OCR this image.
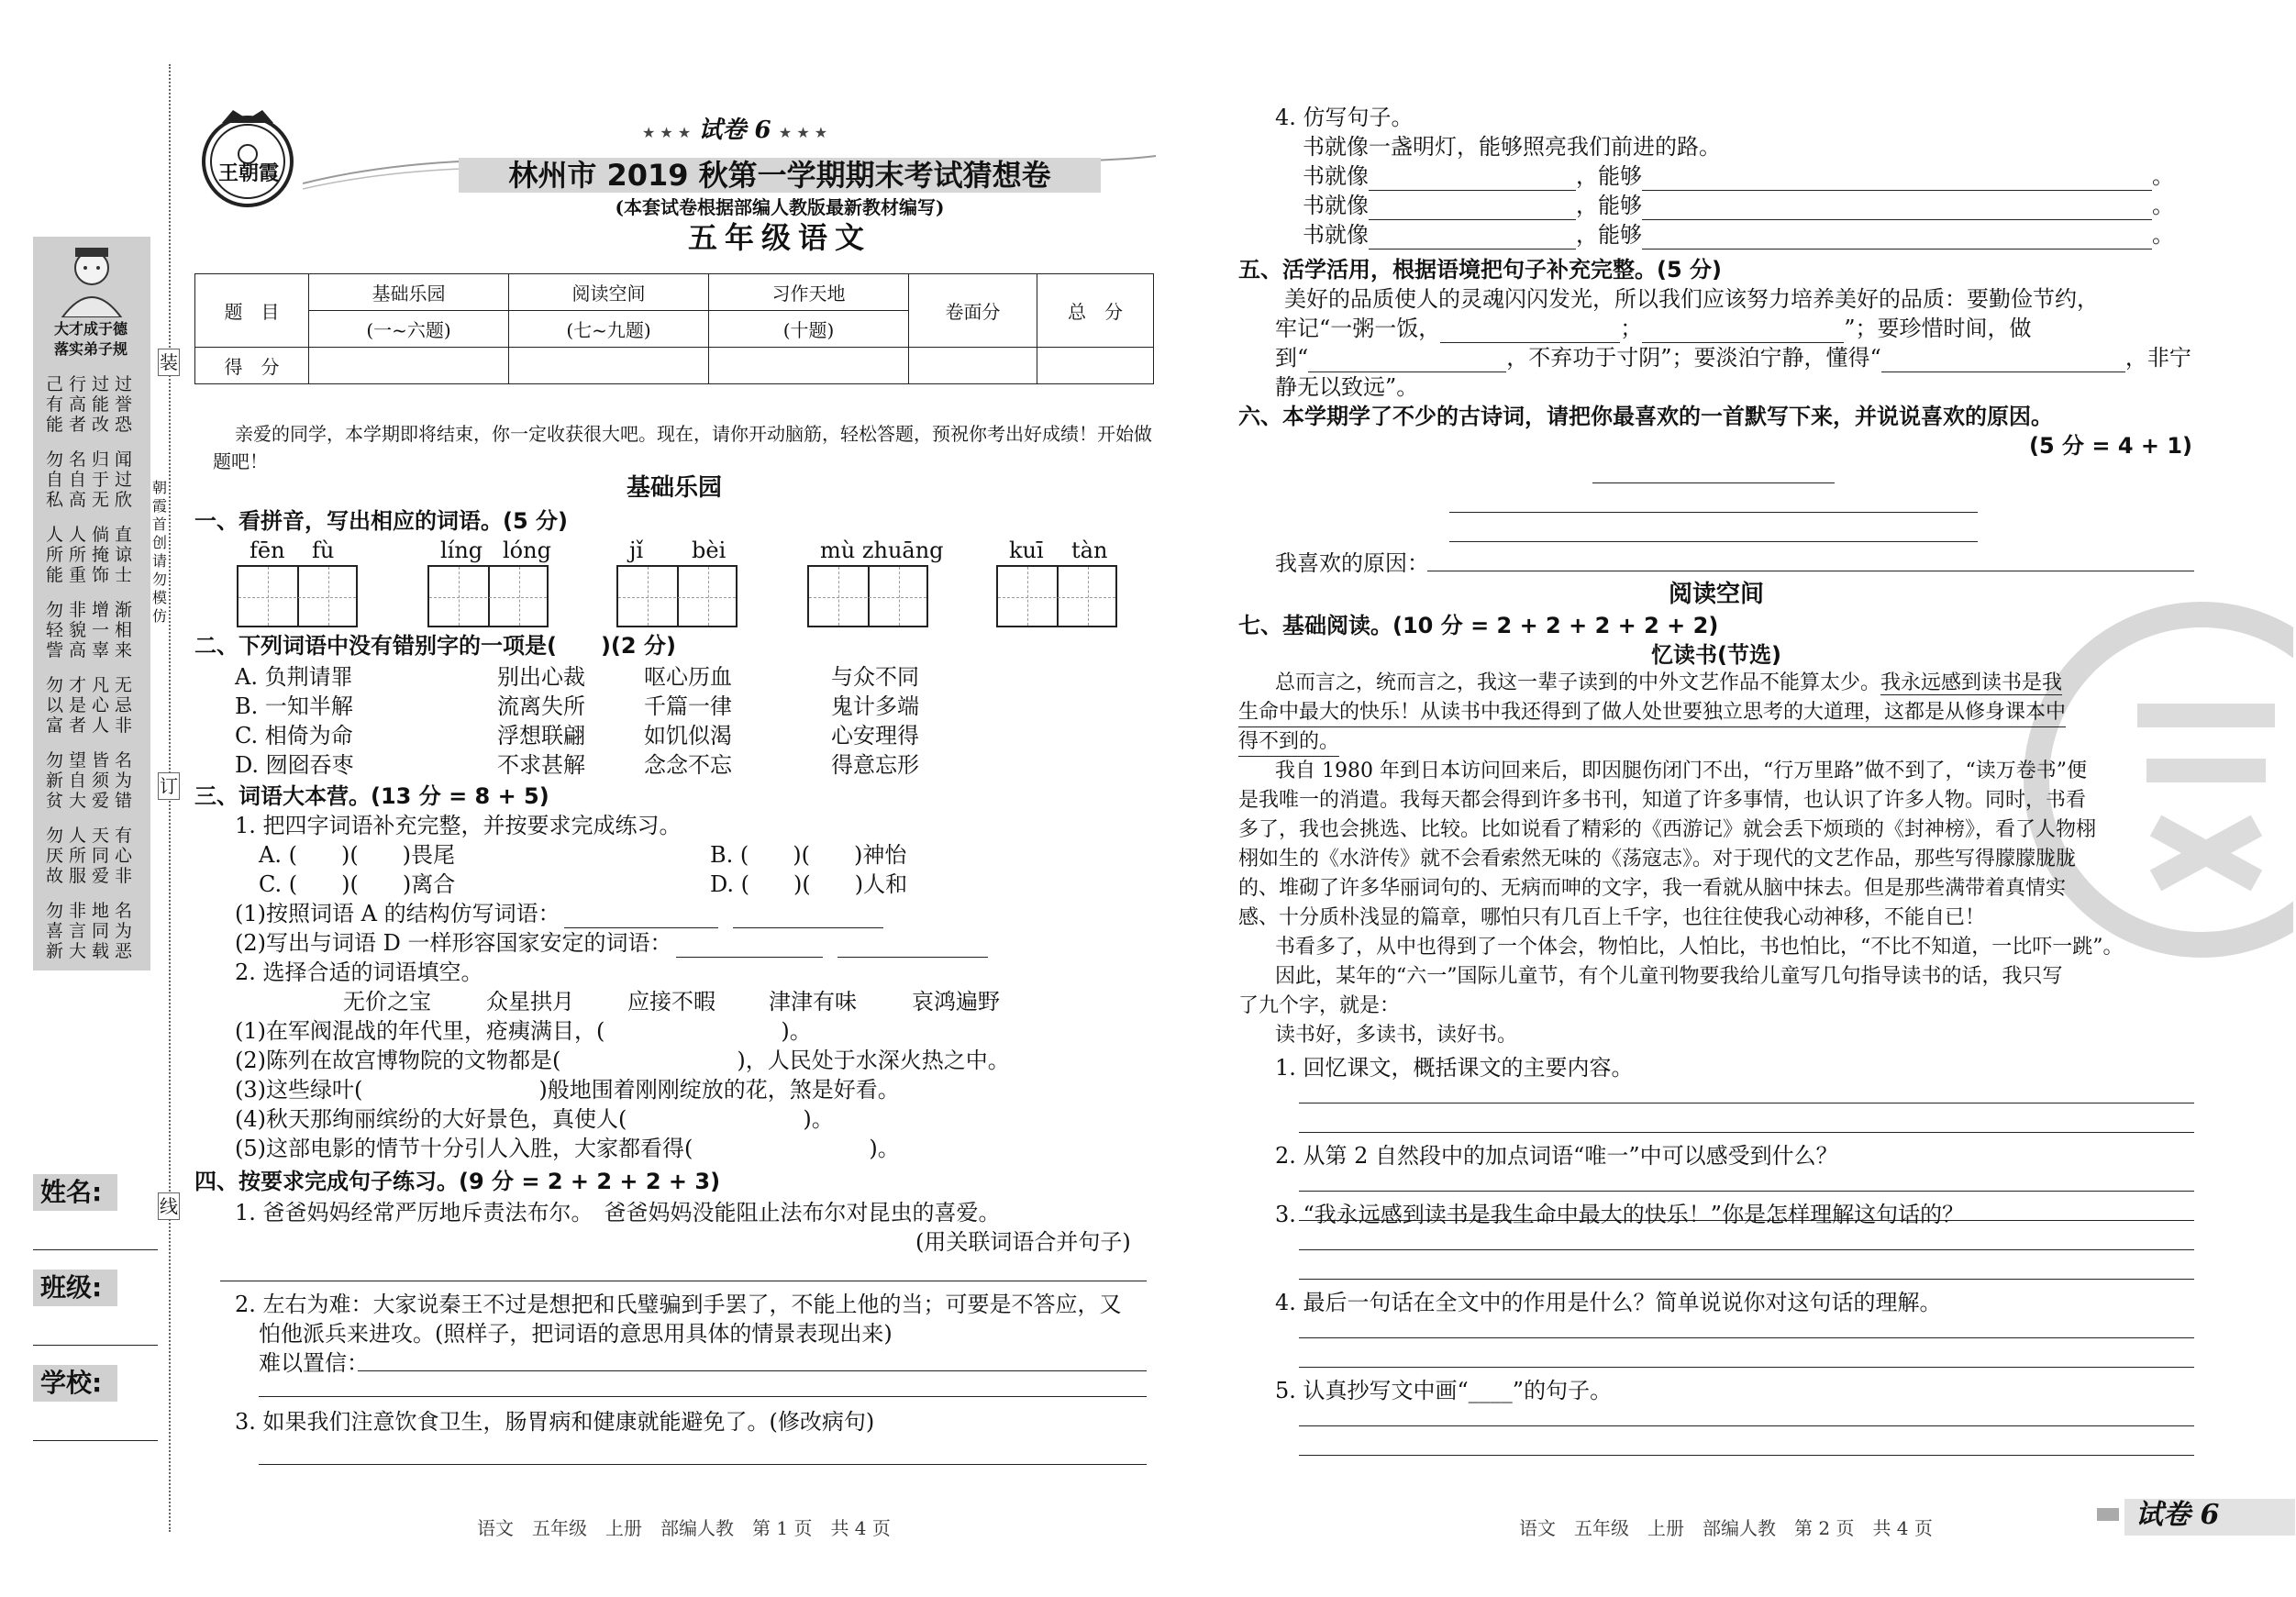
大才成于德
落实弟子规
姓名:
班级:
学校:
装
订
线
朝霞首创请勿模仿
王朝霞
★ ★ ★ 试卷 6 ★ ★ ★
林州市 2019 秋第一学期期末考试猜想卷
(本套试卷根据部编人教版最新教材编写)
五年级语文
题　目	基础乐园	阅读空间	习作天地	卷面分	总　分
	(一~六题)	(七~九题)	(十题)		
得　分					
亲爱的同学，本学期即将结束，你一定收获很大吧。现在，请你开动脑筋，轻松答题，预祝你考出好成绩！开始做题吧！
基础乐园
一、看拼音，写出相应的词语。(5 分)
二、下列词语中没有错别字的一项是(　　)(2 分)
三、词语大本营。(13 分 = 8 + 5)
1. 把四字词语补充完整，并按要求完成练习。
A. (　　)(　　)畏尾	B. (　　)(　　)神怡
C. (　　)(　　)离合	D. (　　)(　　)人和
(1)按照词语 A 的结构仿写词语：
(2)写出与词语 D 一样形容国家安定的词语：
2. 选择合适的词语填空。
(1)在军阀混战的年代里，疮痍满目，(　　　　　　　　)。
(2)陈列在故宫博物院的文物都是(　　　　　　　　)，人民处于水深火热之中。
(3)这些绿叶(　　　　　　　　)般地围着刚刚绽放的花，煞是好看。
(4)秋天那绚丽缤纷的大好景色，真使人(　　　　　　　　)。
(5)这部电影的情节十分引人入胜，大家都看得(　　　　　　　　)。
四、按要求完成句子练习。(9 分 = 2 + 2 + 2 + 3)
1. 爸爸妈妈经常严厉地斥责法布尔。　爸爸妈妈没能阻止法布尔对昆虫的喜爱。
(用关联词语合并句子)
2. 左右为难：大家说秦王不过是想把和氏璧骗到手罢了，不能上他的当；可要是不答应，又
怕他派兵来进攻。(照样子，把词语的意思用具体的情景表现出来)
难以置信：
3. 如果我们注意饮食卫生，肠胃病和健康就能避免了。(修改病句)
语文　五年级　上册　部编人教　第 1 页　共 4 页
4. 仿写句子。
书就像一盏明灯，能够照亮我们前进的路。
五、活学活用，根据语境把句子补充完整。(5 分)
美好的品质使人的灵魂闪闪发光，所以我们应该努力培养美好的品质：要勤俭节约，
牢记“一粥一饭，	；	”；要珍惜时间，做
到“	，不弃功于寸阴”；要淡泊宁静，懂得“	，非宁
静无以致远”。
六、本学期学了不少的古诗词，请把你最喜欢的一首默写下来，并说说喜欢的原因。
(5 分 = 4 + 1)
我喜欢的原因：
阅读空间
七、基础阅读。(10 分 = 2 + 2 + 2 + 2 + 2)
忆读书(节选)
总而言之，统而言之，我这一辈子读到的中外文艺作品不能算太少。我永远感到读书是我
生命中最大的快乐！从读书中我还得到了做人处世要独立思考的大道理，这都是从修身课本中
得不到的。
书看多了，从中也得到了一个体会，物怕比，人怕比，书也怕比，“不比不知道，一比吓一跳”。
因此，某年的“六一”国际儿童节，有个儿童刊物要我给儿童写几句指导读书的话，我只写
了九个字，就是：
读书好，多读书，读好书。
语文　五年级　上册　部编人教　第 2 页　共 4 页	试卷 6
己行过过
有高能誉
能者改恐
勿名归闻
自自于过
私高无欣
人人倘直
所所掩谅
能重饰士
勿非增渐
轻貌一相
訾高辜来
勿才凡无
以是心忌
富者人非
勿望皆名
新自须为
贫大爱错
勿人天有
厌所同心
故服爱非
勿非地名
喜言同为
新大载恶
fēn fù	líng lóng	jǐ bèi	mù zhuāng	kuī tàn
A. 负荆请罪	别出心裁	呕心历血	与众不同
B. 一知半解	流离失所	千篇一律	鬼计多端
C. 相倚为命	浮想联翩	如饥似渴	心安理得
D. 囫囵吞枣	不求甚解	念念不忘	得意忘形
无价之宝	众星拱月 应接不暇 津津有味	哀鸿遍野
书就像	，能够	。
书就像	，能够	。
书就像	，能够	。
我自 1980 年到日本访问回来后，即因腿伤闭门不出，“行万里路”做不到了，“读万卷书”便
是我唯一的消遣。我每天都会得到许多书刊，知道了许多事情，也认识了许多人物。同时，书看
多了，我也会挑选、比较。比如说看了精彩的《西游记》就会丢下烦琐的《封神榜》，看了人物栩
栩如生的《水浒传》就不会看索然无味的《荡寇志》。对于现代的文艺作品，那些写得朦朦胧胧
的、堆砌了许多华丽词句的、无病而呻的文字，我一看就从脑中抹去。但是那些满带着真情实
感、十分质朴浅显的篇章，哪怕只有几百上千字，也往往使我心动神移，不能自已！
1. 回忆课文，概括课文的主要内容。
2. 从第 2 自然段中的加点词语“唯一”中可以感受到什么？
3. “我永远感到读书是我生命中最大的快乐！”你是怎样理解这句话的？
4. 最后一句话在全文中的作用是什么？简单说说你对这句话的理解。
5. 认真抄写文中画“____”的句子。
